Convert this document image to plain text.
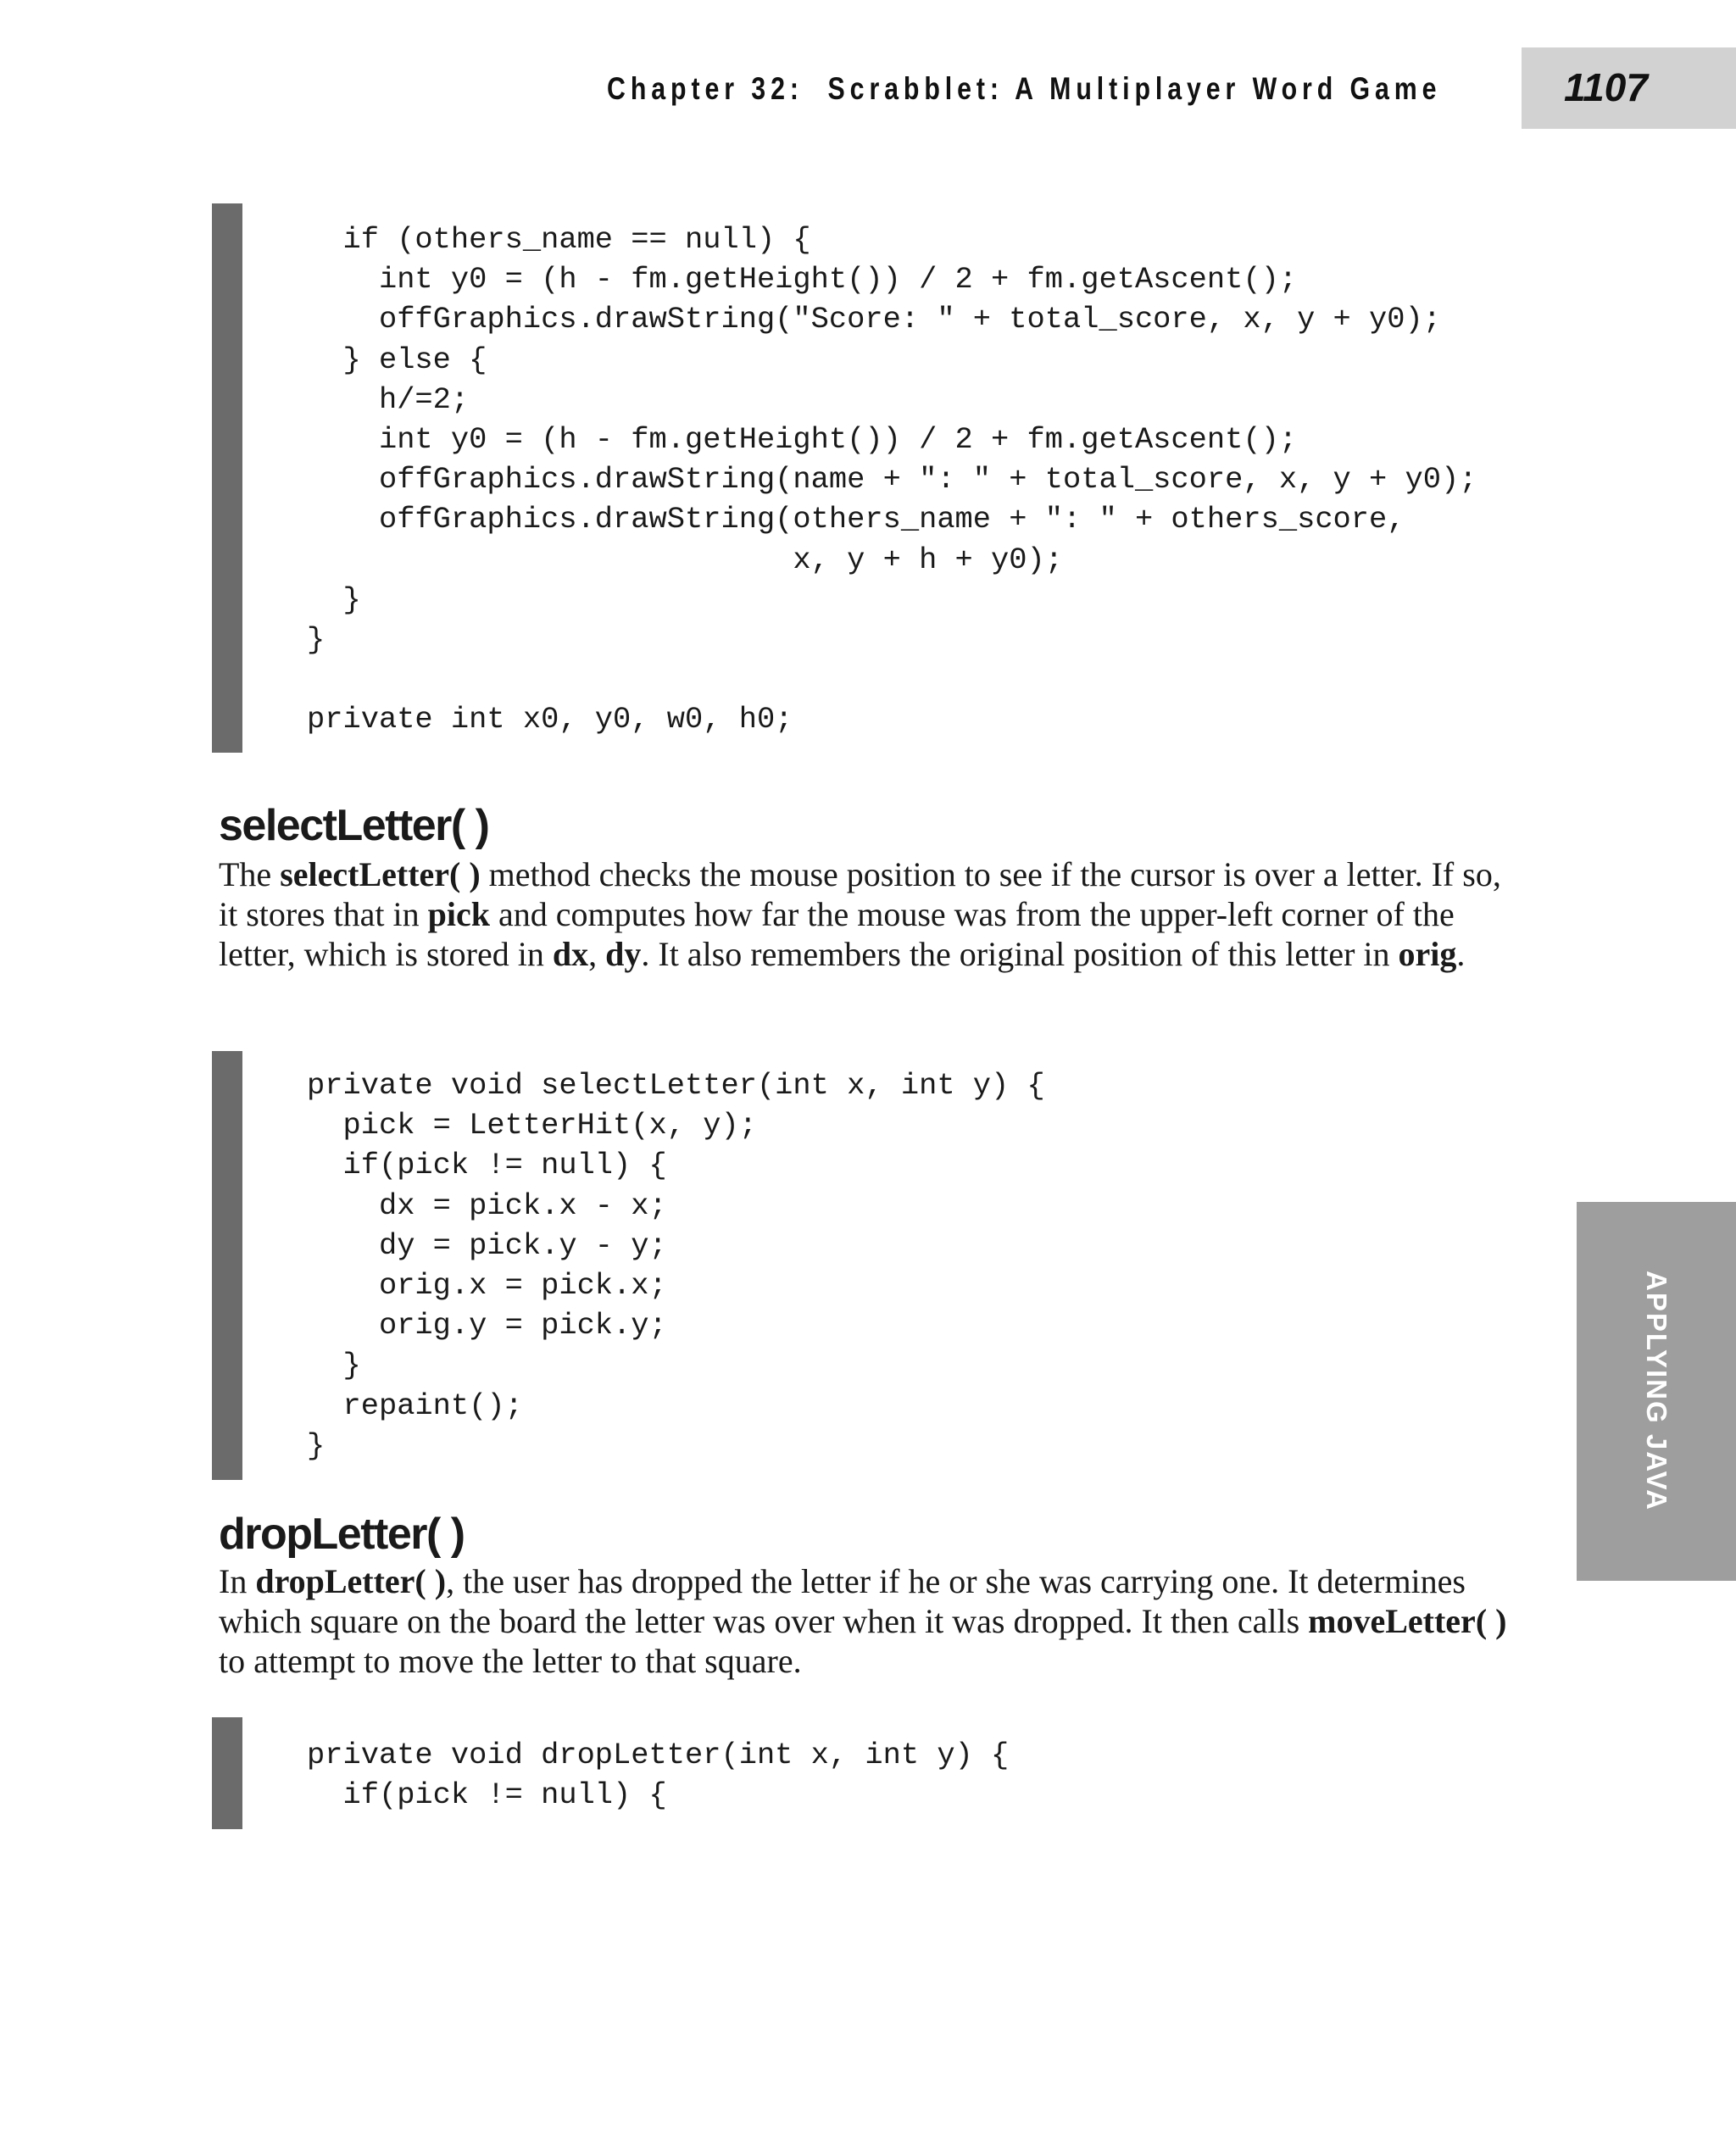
Chapter 32:  Scrabblet: A Multiplayer Word Game	1107
if (others_name == null) {
int y0 = (h - fm.getHeight()) / 2 + fm.getAscent();
offGraphics.drawString("Score: " + total_score, x, y + y0);
} else {
h/=2;
int y0 = (h - fm.getHeight()) / 2 + fm.getAscent();
offGraphics.drawString(name + ": " + total_score, x, y + y0);
offGraphics.drawString(others_name + ": " + others_score,
x, y + h + y0);
}
}

private int x0, y0, w0, h0;
selectLetter( )

The selectLetter( ) method checks the mouse position to see if the cursor is over a letter. If so, it stores that in pick and computes how far the mouse was from the upper-left corner of the letter, which is stored in dx, dy. It also remembers the original position of this letter in orig.

private void selectLetter(int x, int y) {
pick = LetterHit(x, y);
if(pick != null) {
dx = pick.x - x;
dy = pick.y - y;
orig.x = pick.x;
orig.y = pick.y;
}
repaint();
}
dropLetter( )

In dropLetter( ), the user has dropped the letter if he or she was carrying one. It determines which square on the board the letter was over when it was dropped. It then calls moveLetter( ) to attempt to move the letter to that square.

private void dropLetter(int x, int y) {
if(pick != null) {
APPLYING JAVA
